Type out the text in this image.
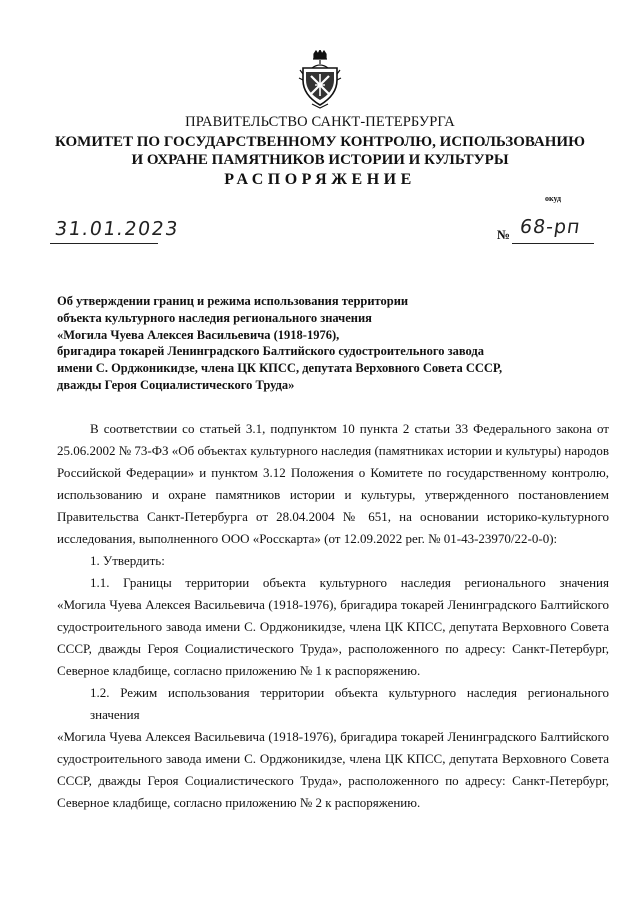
ПРАВИТЕЛЬСТВО САНКТ-ПЕТЕРБУРГА
КОМИТЕТ ПО ГОСУДАРСТВЕННОМУ КОНТРОЛЮ, ИСПОЛЬЗОВАНИЮ
И ОХРАНЕ ПАМЯТНИКОВ ИСТОРИИ И КУЛЬТУРЫ
РАСПОРЯЖЕНИЕ
окуд
31.01.2023	№ 68-рп
Об утверждении границ и режима использования территории
объекта культурного наследия регионального значения
«Могила Чуева Алексея Васильевича (1918-1976),
бригадира токарей Ленинградского Балтийского судостроительного завода
имени С. Орджоникидзе, члена ЦК КПСС, депутата Верховного Совета СССР,
дважды Героя Социалистического Труда»

В соответствии со статьей 3.1, подпунктом 10 пункта 2 статьи 33 Федерального закона от
25.06.2002 № 73-ФЗ «Об объектах культурного наследия (памятниках истории и культуры) народов
Российской Федерации» и пунктом 3.12 Положения о Комитете по государственному контролю,
использованию и охране памятников истории и культуры, утвержденного постановлением
Правительства Санкт-Петербурга от 28.04.2004 № 651, на основании историко-культурного
исследования, выполненного ООО «Росскарта» (от 12.09.2022 рег. № 01-43-23970/22-0-0):

1. Утвердить:

1.1. Границы территории объекта культурного наследия регионального значения
«Могила Чуева Алексея Васильевича (1918-1976), бригадира токарей Ленинградского Балтийского
судостроительного завода имени С. Орджоникидзе, члена ЦК КПСС, депутата Верховного Совета
СССР, дважды Героя Социалистического Труда», расположенного по адресу: Санкт-Петербург,
Северное кладбище, согласно приложению № 1 к распоряжению.

1.2. Режим использования территории объекта культурного наследия регионального значения
«Могила Чуева Алексея Васильевича (1918-1976), бригадира токарей Ленинградского Балтийского
судостроительного завода имени С. Орджоникидзе, члена ЦК КПСС, депутата Верховного Совета
СССР, дважды Героя Социалистического Труда», расположенного по адресу: Санкт-Петербург,
Северное кладбище, согласно приложению № 2 к распоряжению.
